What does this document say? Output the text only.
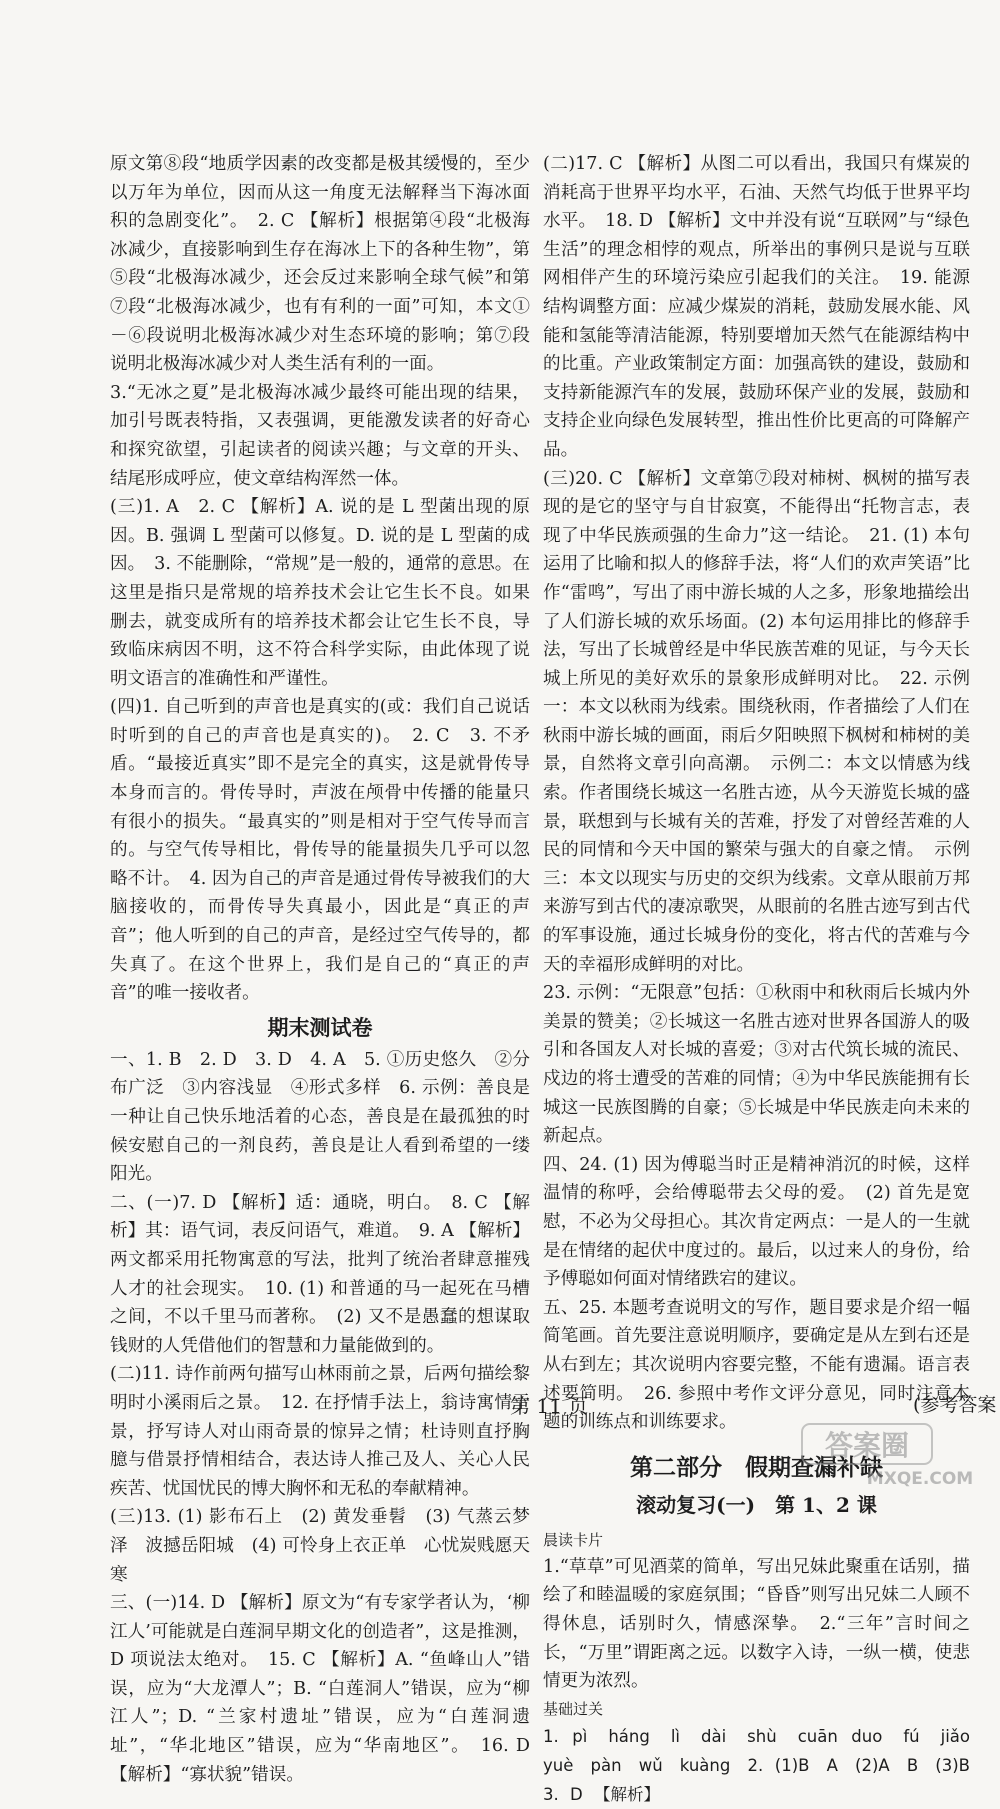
原文第⑧段“地质学因素的改变都是极其缓慢的，至少以万年为单位，因而从这一角度无法解释当下海冰面积的急剧变化”。　2. C 【解析】根据第④段“北极海冰减少，直接影响到生存在海冰上下的各种生物”，第⑤段“北极海冰减少，还会反过来影响全球气候”和第⑦段“北极海冰减少，也有有利的一面”可知，本文①－⑥段说明北极海冰减少对生态环境的影响；第⑦段说明北极海冰减少对人类生活有利的一面。

3.“无冰之夏”是北极海冰减少最终可能出现的结果，加引号既表特指，又表强调，更能激发读者的好奇心和探究欲望，引起读者的阅读兴趣；与文章的开头、结尾形成呼应，使文章结构浑然一体。

(三)1. A　2. C 【解析】A. 说的是 L 型菌出现的原因。B. 强调 L 型菌可以修复。D. 说的是 L 型菌的成因。　3. 不能删除，“常规”是一般的，通常的意思。在这里是指只是常规的培养技术会让它生长不良。如果删去，就变成所有的培养技术都会让它生长不良，导致临床病因不明，这不符合科学实际，由此体现了说明文语言的准确性和严谨性。

(四)1. 自己听到的声音也是真实的(或：我们自己说话时听到的自己的声音也是真实的)。　2. C　3. 不矛盾。“最接近真实”即不是完全的真实，这是就骨传导本身而言的。骨传导时，声波在颅骨中传播的能量只有很小的损失。“最真实的”则是相对于空气传导而言的。与空气传导相比，骨传导的能量损失几乎可以忽略不计。　4. 因为自己的声音是通过骨传导被我们的大脑接收的，而骨传导失真最小，因此是“真正的声音”；他人听到的自己的声音，是经过空气传导的，都失真了。在这个世界上，我们是自己的“真正的声音”的唯一接收者。

期末测试卷

一、1. B　2. D　3. D　4. A　5. ①历史悠久　②分布广泛　③内容浅显　④形式多样　6. 示例：善良是一种让自己快乐地活着的心态，善良是在最孤独的时候安慰自己的一剂良药，善良是让人看到希望的一缕阳光。

二、(一)7. D 【解析】适：通晓，明白。　8. C 【解析】其：语气词，表反问语气，难道。　9. A 【解析】两文都采用托物寓意的写法，批判了统治者肆意摧残人才的社会现实。　10. (1) 和普通的马一起死在马槽之间，不以千里马而著称。　(2) 又不是愚蠢的想谋取钱财的人凭借他们的智慧和力量能做到的。

(二)11. 诗作前两句描写山林雨前之景，后两句描绘黎明时小溪雨后之景。　12. 在抒情手法上，翁诗寓情于景，抒写诗人对山雨奇景的惊异之情；杜诗则直抒胸臆与借景抒情相结合，表达诗人推己及人、关心人民疾苦、忧国忧民的博大胸怀和无私的奉献精神。

(三)13. (1) 影布石上　(2) 黄发垂髫　(3) 气蒸云梦泽　波撼岳阳城　(4) 可怜身上衣正单　心忧炭贱愿天寒

三、(一)14. D 【解析】原文为“有专家学者认为，‘柳江人’可能就是白莲洞早期文化的创造者”，这是推测，D 项说法太绝对。　15. C 【解析】A. “鱼峰山人”错误，应为“大龙潭人”；B. “白莲洞人”错误，应为“柳江人”；D. “兰家村遗址”错误，应为“白莲洞遗址”，“华北地区”错误，应为“华南地区”。　16. D 【解析】“寡状貌”错误。

(二)17. C 【解析】从图二可以看出，我国只有煤炭的消耗高于世界平均水平，石油、天然气均低于世界平均水平。　18. D 【解析】文中并没有说“互联网”与“绿色生活”的理念相悖的观点，所举出的事例只是说与互联网相伴产生的环境污染应引起我们的关注。　19. 能源结构调整方面：应减少煤炭的消耗，鼓励发展水能、风能和氢能等清洁能源，特别要增加天然气在能源结构中的比重。产业政策制定方面：加强高铁的建设，鼓励和支持新能源汽车的发展，鼓励环保产业的发展，鼓励和支持企业向绿色发展转型，推出性价比更高的可降解产品。

(三)20. C 【解析】文章第⑦段对柿树、枫树的描写表现的是它的坚守与自甘寂寞，不能得出“托物言志，表现了中华民族顽强的生命力”这一结论。　21. (1) 本句运用了比喻和拟人的修辞手法，将“人们的欢声笑语”比作“雷鸣”，写出了雨中游长城的人之多，形象地描绘出了人们游长城的欢乐场面。(2) 本句运用排比的修辞手法，写出了长城曾经是中华民族苦难的见证，与今天长城上所见的美好欢乐的景象形成鲜明对比。　22. 示例一：本文以秋雨为线索。围绕秋雨，作者描绘了人们在秋雨中游长城的画面，雨后夕阳映照下枫树和柿树的美景，自然将文章引向高潮。　示例二：本文以情感为线索。作者围绕长城这一名胜古迹，从今天游览长城的盛景，联想到与长城有关的苦难，抒发了对曾经苦难的人民的同情和今天中国的繁荣与强大的自豪之情。　示例三：本文以现实与历史的交织为线索。文章从眼前万邦来游写到古代的凄凉歌哭，从眼前的名胜古迹写到古代的军事设施，通过长城身份的变化，将古代的苦难与今天的幸福形成鲜明的对比。

23. 示例：“无限意”包括：①秋雨中和秋雨后长城内外美景的赞美；②长城这一名胜古迹对世界各国游人的吸引和各国友人对长城的喜爱；③对古代筑长城的流民、戍边的将士遭受的苦难的同情；④为中华民族能拥有长城这一民族图腾的自豪；⑤长城是中华民族走向未来的新起点。

四、24. (1) 因为傅聪当时正是精神消沉的时候，这样温情的称呼，会给傅聪带去父母的爱。　(2) 首先是宽慰，不必为父母担心。其次肯定两点：一是人的一生就是在情绪的起伏中度过的。最后，以过来人的身份，给予傅聪如何面对情绪跌宕的建议。

五、25. 本题考查说明文的写作，题目要求是介绍一幅简笔画。首先要注意说明顺序，要确定是从左到右还是从右到左；其次说明内容要完整，不能有遗漏。语言表述要简明。　26. 参照中考作文评分意见，同时注意本题的训练点和训练要求。

第二部分　假期查漏补缺
滚动复习(一)　第 1、2 课
晨读卡片

1.“草草”可见酒菜的简单，写出兄妹此聚重在话别，描绘了和睦温暖的家庭氛围；“昏昏”则写出兄妹二人顾不得休息，话别时久，情感深挚。　2.“三年”言时间之长，“万里”谓距离之远。以数字入诗，一纵一横，使悲情更为浓烈。

基础过关

1. pì　háng　lì　dài　shù　cuān duo　fú　jiǎo　yuè　pàn　wǔ　kuàng　2. (1)B　A　(2)A　B　(3)B　3. D 【解析】

第 11 页	(参考答案
答案圈
MXQE.COM
